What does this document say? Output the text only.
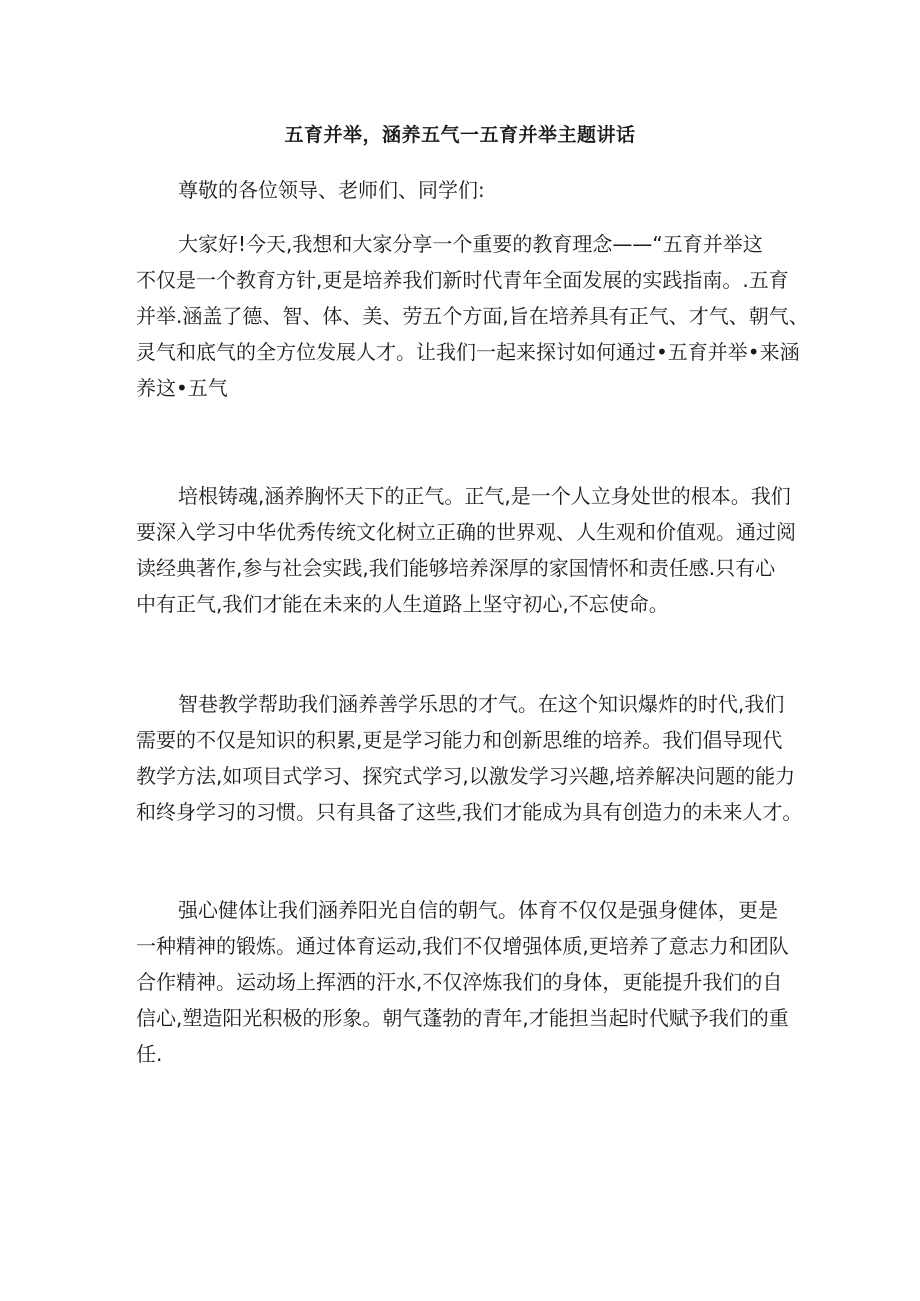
五育并举，涵养五气一五育并举主题讲话

尊敬的各位领导、老师们、同学们:

大家好!今天,我想和大家分享一个重要的教育理念——“五育并举这
不仅是一个教育方针,更是培养我们新时代青年全面发展的实践指南。.五育
并举.涵盖了德、智、体、美、劳五个方面,旨在培养具有正气、才气、朝气、
灵气和底气的全方位发展人才。让我们一起来探讨如何通过•五育并举•来涵
养这•五气

培根铸魂,涵养胸怀天下的正气。正气,是一个人立身处世的根本。我们
要深入学习中华优秀传统文化树立正确的世界观、人生观和价值观。通过阅
读经典著作,参与社会实践,我们能够培养深厚的家国情怀和责任感.只有心
中有正气,我们才能在未来的人生道路上坚守初心,不忘使命。

智巷教学帮助我们涵养善学乐思的才气。在这个知识爆炸的时代,我们
需要的不仅是知识的积累,更是学习能力和创新思维的培养。我们倡导现代
教学方法,如项目式学习、探究式学习,以激发学习兴趣,培养解决问题的能力
和终身学习的习惯。只有具备了这些,我们才能成为具有创造力的未来人才。

强心健体让我们涵养阳光自信的朝气。体育不仅仅是强身健体，更是
一种精神的锻炼。通过体育运动,我们不仅增强体质,更培养了意志力和团队
合作精神。运动场上挥洒的汗水,不仅淬炼我们的身体，更能提升我们的自
信心,塑造阳光积极的形象。朝气蓬勃的青年,才能担当起时代赋予我们的重
任.
